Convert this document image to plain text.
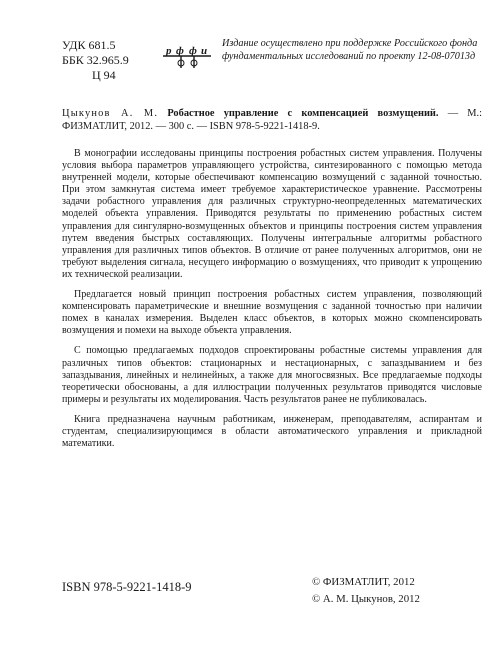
УДК 681.5
ББК 32.965.9
Ц 94
p ф ф и
Издание осуществлено при поддержке Российского фонда фундаментальных исследований по проекту 12-08-07013д
Цыкунов А. М. Робастное управление с компенсацией возмущений. — М.: ФИЗМАТЛИТ, 2012. — 300 с. — ISBN 978-5-9221-1418-9.

В монографии исследованы принципы построения робастных систем управления. Получены условия выбора параметров управляющего устройства, синтезированного с помощью метода внутренней модели, которые обеспечивают компенсацию возмущений с заданной точностью. При этом замкнутая система имеет требуемое характеристическое уравнение. Рассмотрены задачи робастного управления для различных структурно-неопределенных математических моделей объекта управления. Приводятся результаты по применению робастных систем управления для сингулярно-возмущенных объектов и принципы построения систем управления путем введения быстрых составляющих. Получены интегральные алгоритмы робастного управления для различных типов объектов. В отличие от ранее полученных алгоритмов, они не требуют выделения сигнала, несущего информацию о возмущениях, что приводит к упрощению их технической реализации.

Предлагается новый принцип построения робастных систем управления, позволяющий компенсировать параметрические и внешние возмущения с заданной точностью при наличии помех в каналах измерения. Выделен класс объектов, в которых можно скомпенсировать возмущения и помехи на выходе объекта управления.

С помощью предлагаемых подходов спроектированы робастные системы управления для различных типов объектов: стационарных и нестационарных, с запаздыванием и без запаздывания, линейных и нелинейных, а также для многосвязных. Все предлагаемые подходы теоретически обоснованы, а для иллюстрации полученных результатов приводятся числовые примеры и результаты их моделирования. Часть результатов ранее не публиковалась.

Книга предназначена научным работникам, инженерам, преподавателям, аспирантам и студентам, специализирующимся в области автоматического управления и прикладной математики.

ISBN 978-5-9221-1418-9	© ФИЗМАТЛИТ, 2012
© А. М. Цыкунов, 2012
